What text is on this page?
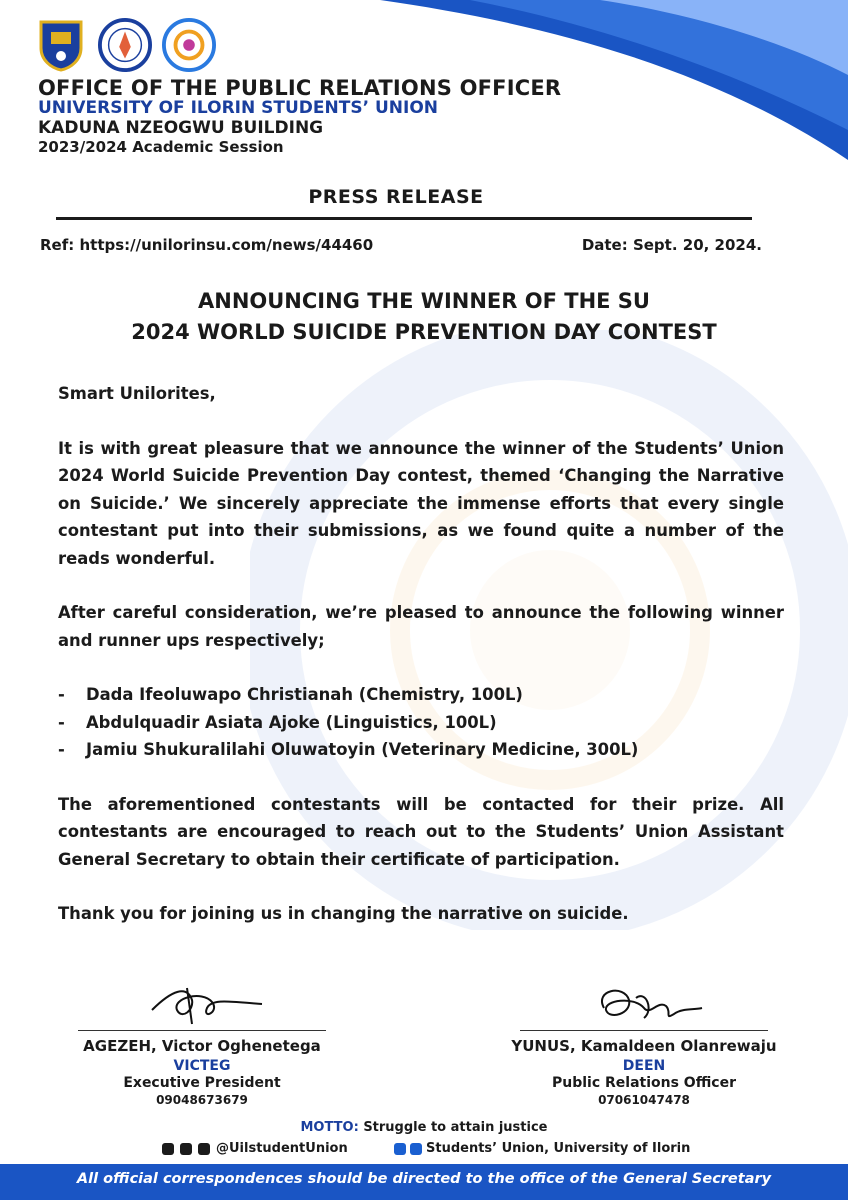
OFFICE OF THE PUBLIC RELATIONS OFFICER
UNIVERSITY OF ILORIN STUDENTS’ UNION
KADUNA NZEOGWU BUILDING
2023/2024 Academic Session
PRESS RELEASE
Ref: https://unilorinsu.com/news/44460	Date: Sept. 20, 2024.
ANNOUNCING THE WINNER OF THE SU
2024 WORLD SUICIDE PREVENTION DAY CONTEST

Smart Unilorites,

It is with great pleasure that we announce the winner of the Students’ Union 2024 World Suicide Prevention Day contest, themed ‘Changing the Narrative on Suicide.’ We sincerely appreciate the immense efforts that every single contestant put into their submissions, as we found quite a number of the reads wonderful.

After careful consideration, we’re pleased to announce the following winner and runner ups respectively;

-	Dada Ifeoluwapo Christianah (Chemistry, 100L)
-	Abdulquadir Asiata Ajoke (Linguistics, 100L)
-	Jamiu Shukuralilahi Oluwatoyin (Veterinary Medicine, 300L)

The aforementioned contestants will be contacted for their prize. All contestants are encouraged to reach out to the Students’ Union Assistant General Secretary to obtain their certificate of participation.

Thank you for joining us in changing the narrative on suicide.

AGEZEH, Victor Oghenetega
VICTEG
Executive President
09048673679
YUNUS, Kamaldeen Olanrewaju
DEEN
Public Relations Officer
07061047478
MOTTO: Struggle to attain justice
@UilstudentUnion	Students’ Union, University of Ilorin
All official correspondences should be directed to the office of the General Secretary
